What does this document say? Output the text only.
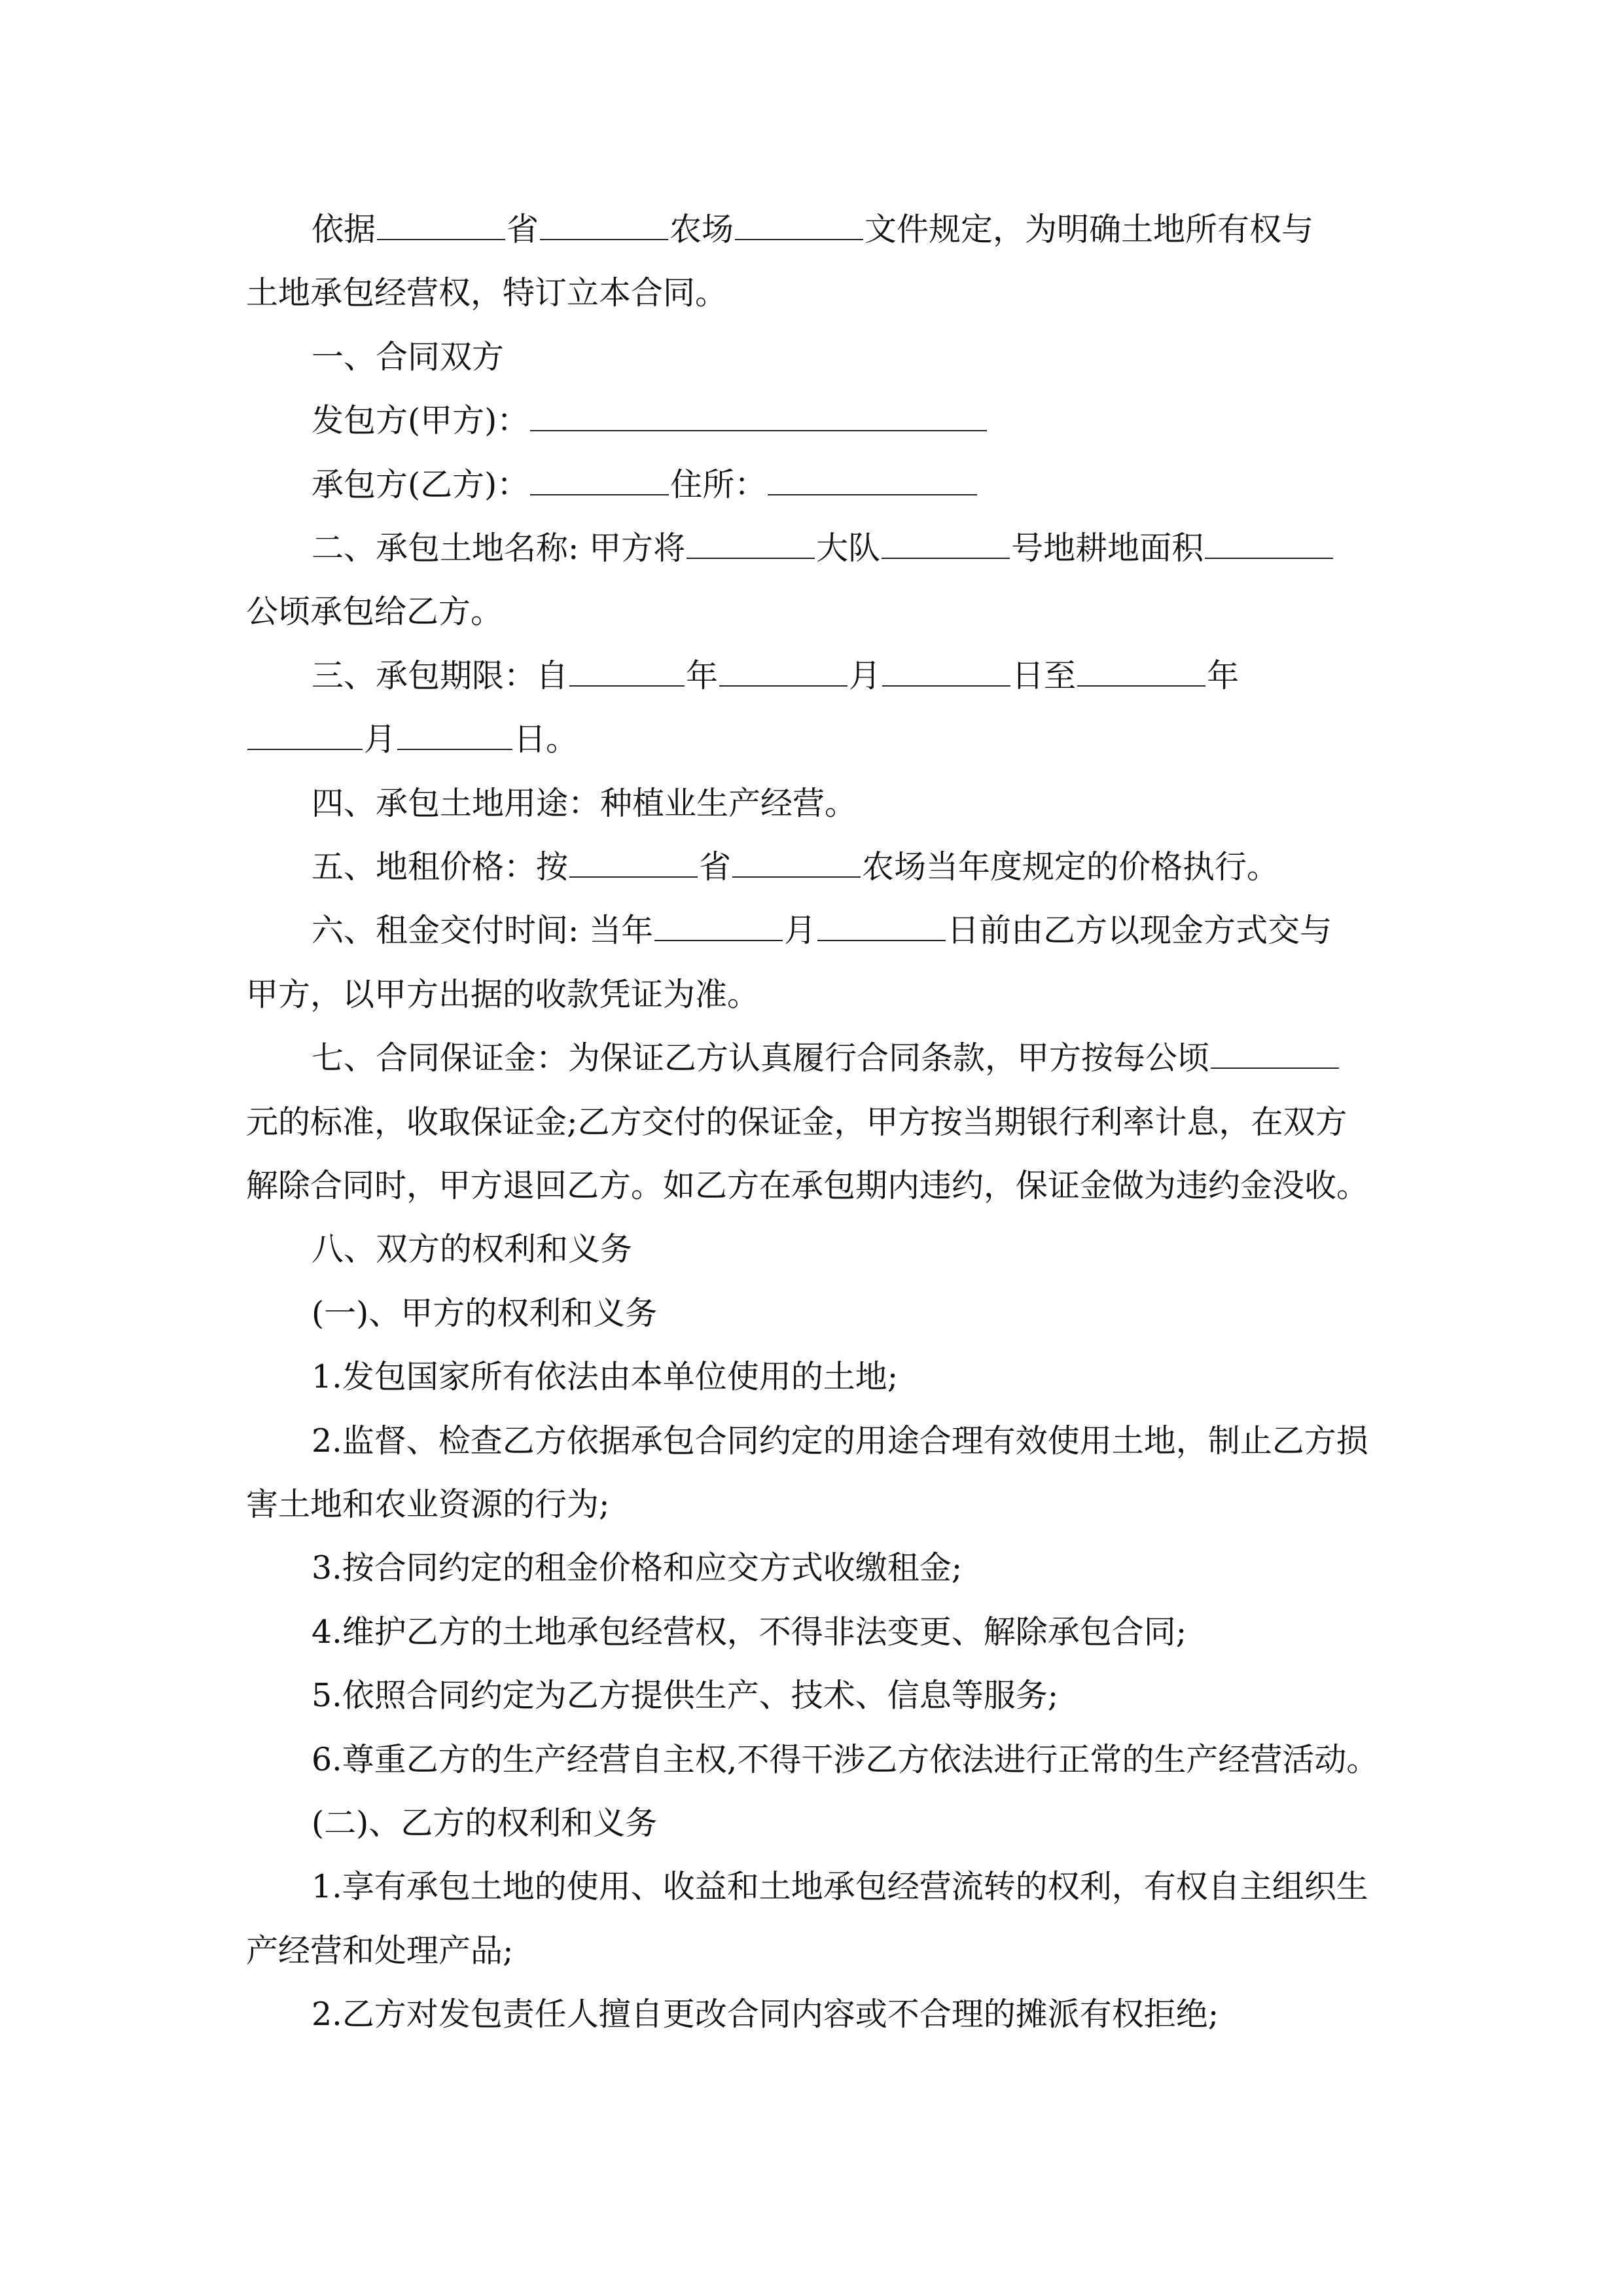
依据	省	农场	文件规定，为明确土地所有权与
土地承包经营权，特订立本合同。
一、合同双方
发包方(甲方)：
承包方(乙方)：	住所：
二、承包土地名称: 甲方将	大队	号地耕地面积
公顷承包给乙方。
三、承包期限：自	年	月	日至	年
月	日。
四、承包土地用途：种植业生产经营。
五、地租价格：按	省	农场当年度规定的价格执行。
六、租金交付时间: 当年	月	日前由乙方以现金方式交与
甲方，以甲方出据的收款凭证为准。
七、合同保证金：为保证乙方认真履行合同条款，甲方按每公顷
元的标准，收取保证金;乙方交付的保证金，甲方按当期银行利率计息，在双方
解除合同时，甲方退回乙方。如乙方在承包期内违约，保证金做为违约金没收。
八、双方的权利和义务
(一)、甲方的权利和义务
1.发包国家所有依法由本单位使用的土地;
2.监督、检查乙方依据承包合同约定的用途合理有效使用土地，制止乙方损
害土地和农业资源的行为;
3.按合同约定的租金价格和应交方式收缴租金;
4.维护乙方的土地承包经营权，不得非法变更、解除承包合同;
5.依照合同约定为乙方提供生产、技术、信息等服务;
6.尊重乙方的生产经营自主权,不得干涉乙方依法进行正常的生产经营活动。
(二)、乙方的权利和义务
1.享有承包土地的使用、收益和土地承包经营流转的权利，有权自主组织生
产经营和处理产品;
2.乙方对发包责任人擅自更改合同内容或不合理的摊派有权拒绝;
